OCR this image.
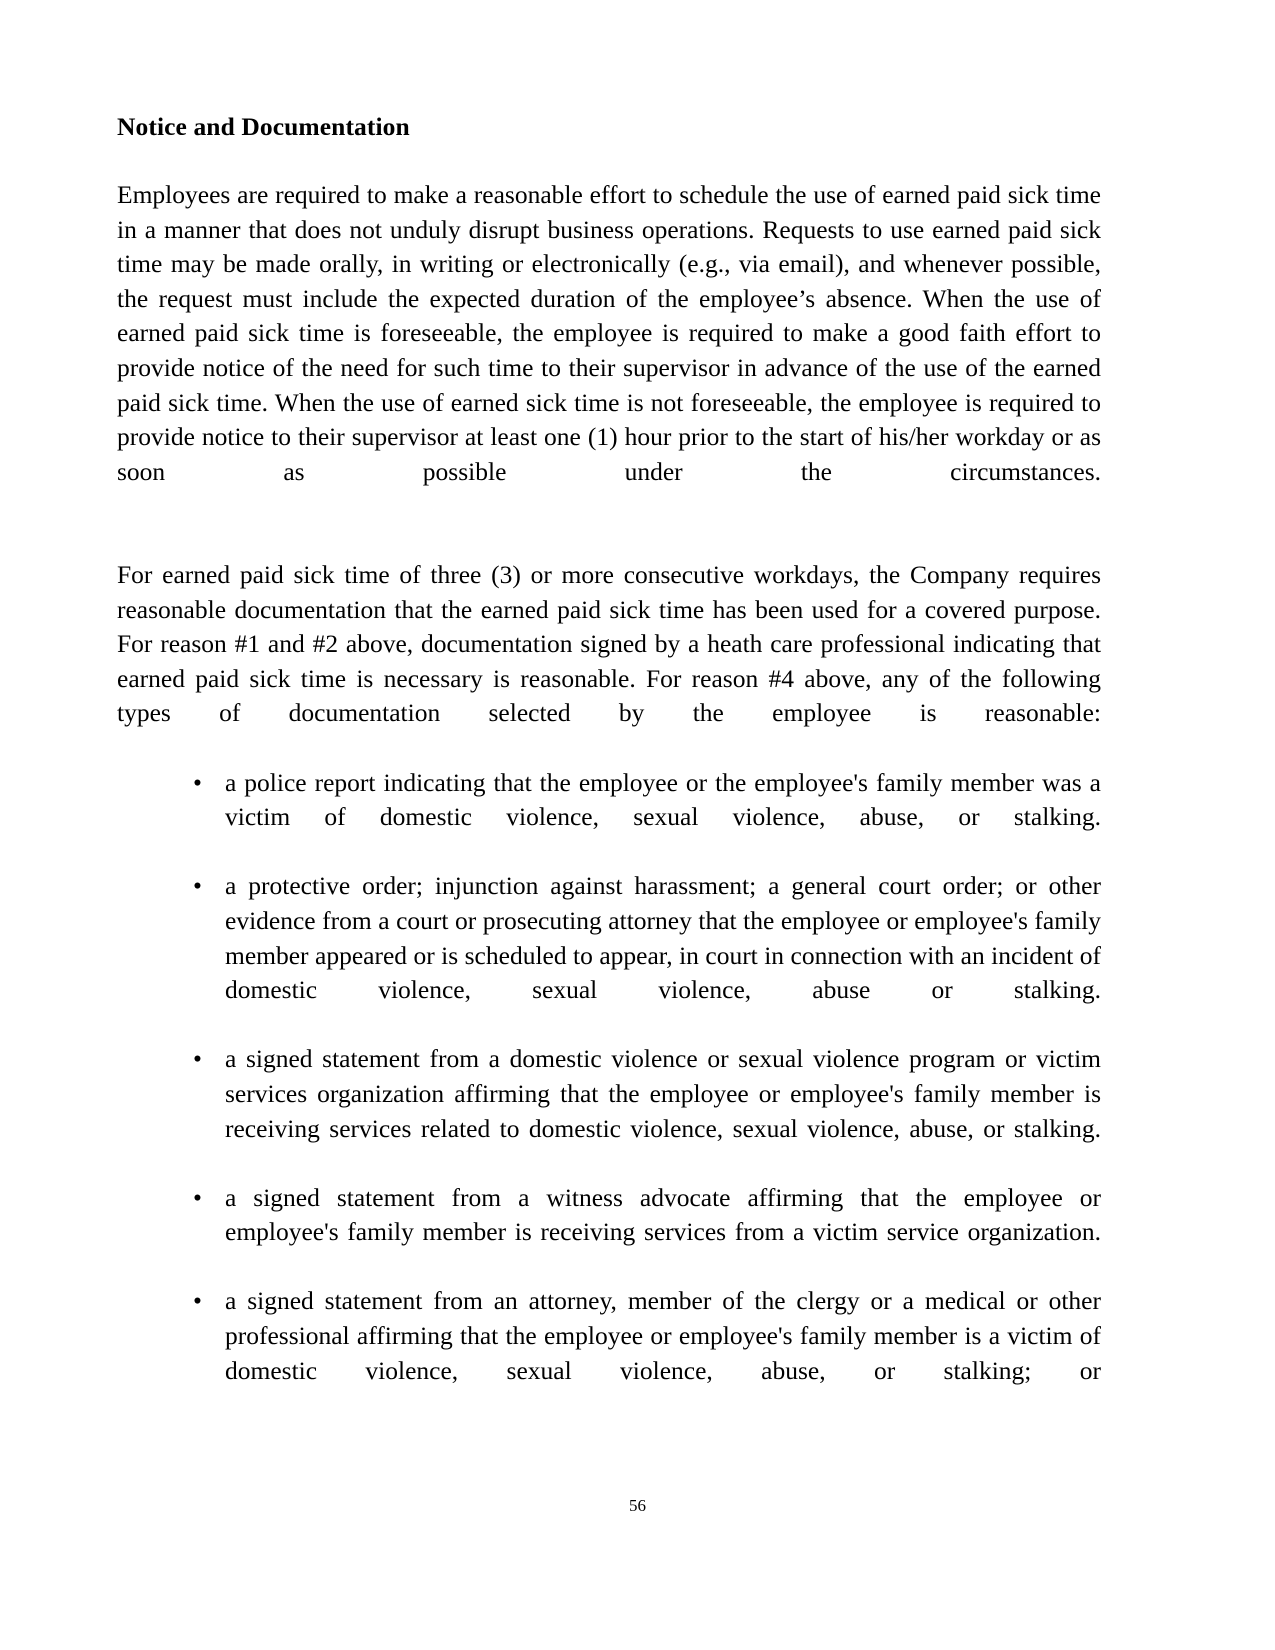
Notice and Documentation

Employees are required to make a reasonable effort to schedule the use of earned paid sick time in a manner that does not unduly disrupt business operations. Requests to use earned paid sick time may be made orally, in writing or electronically (e.g., via email), and whenever possible, the request must include the expected duration of the employee’s absence. When the use of earned paid sick time is foreseeable, the employee is required to make a good faith effort to provide notice of the need for such time to their supervisor in advance of the use of the earned paid sick time. When the use of earned sick time is not foreseeable, the employee is required to provide notice to their supervisor at least one (1) hour prior to the start of his/her workday or as soon as possible under the circumstances.

For earned paid sick time of three (3) or more consecutive workdays, the Company requires reasonable documentation that the earned paid sick time has been used for a covered purpose. For reason #1 and #2 above, documentation signed by a heath care professional indicating that earned paid sick time is necessary is reasonable. For reason #4 above, any of the following types of documentation selected by the employee is reasonable:

• a police report indicating that the employee or the employee's family member was a victim of domestic violence, sexual violence, abuse, or stalking.
• a protective order; injunction against harassment; a general court order; or other evidence from a court or prosecuting attorney that the employee or employee's family member appeared or is scheduled to appear, in court in connection with an incident of domestic violence, sexual violence, abuse or stalking.
• a signed statement from a domestic violence or sexual violence program or victim services organization affirming that the employee or employee's family member is receiving services related to domestic violence, sexual violence, abuse, or stalking.
• a signed statement from a witness advocate affirming that the employee or employee's family member is receiving services from a victim service organization.
• a signed statement from an attorney, member of the clergy or a medical or other professional affirming that the employee or employee's family member is a victim of domestic violence, sexual violence, abuse, or stalking; or
56
